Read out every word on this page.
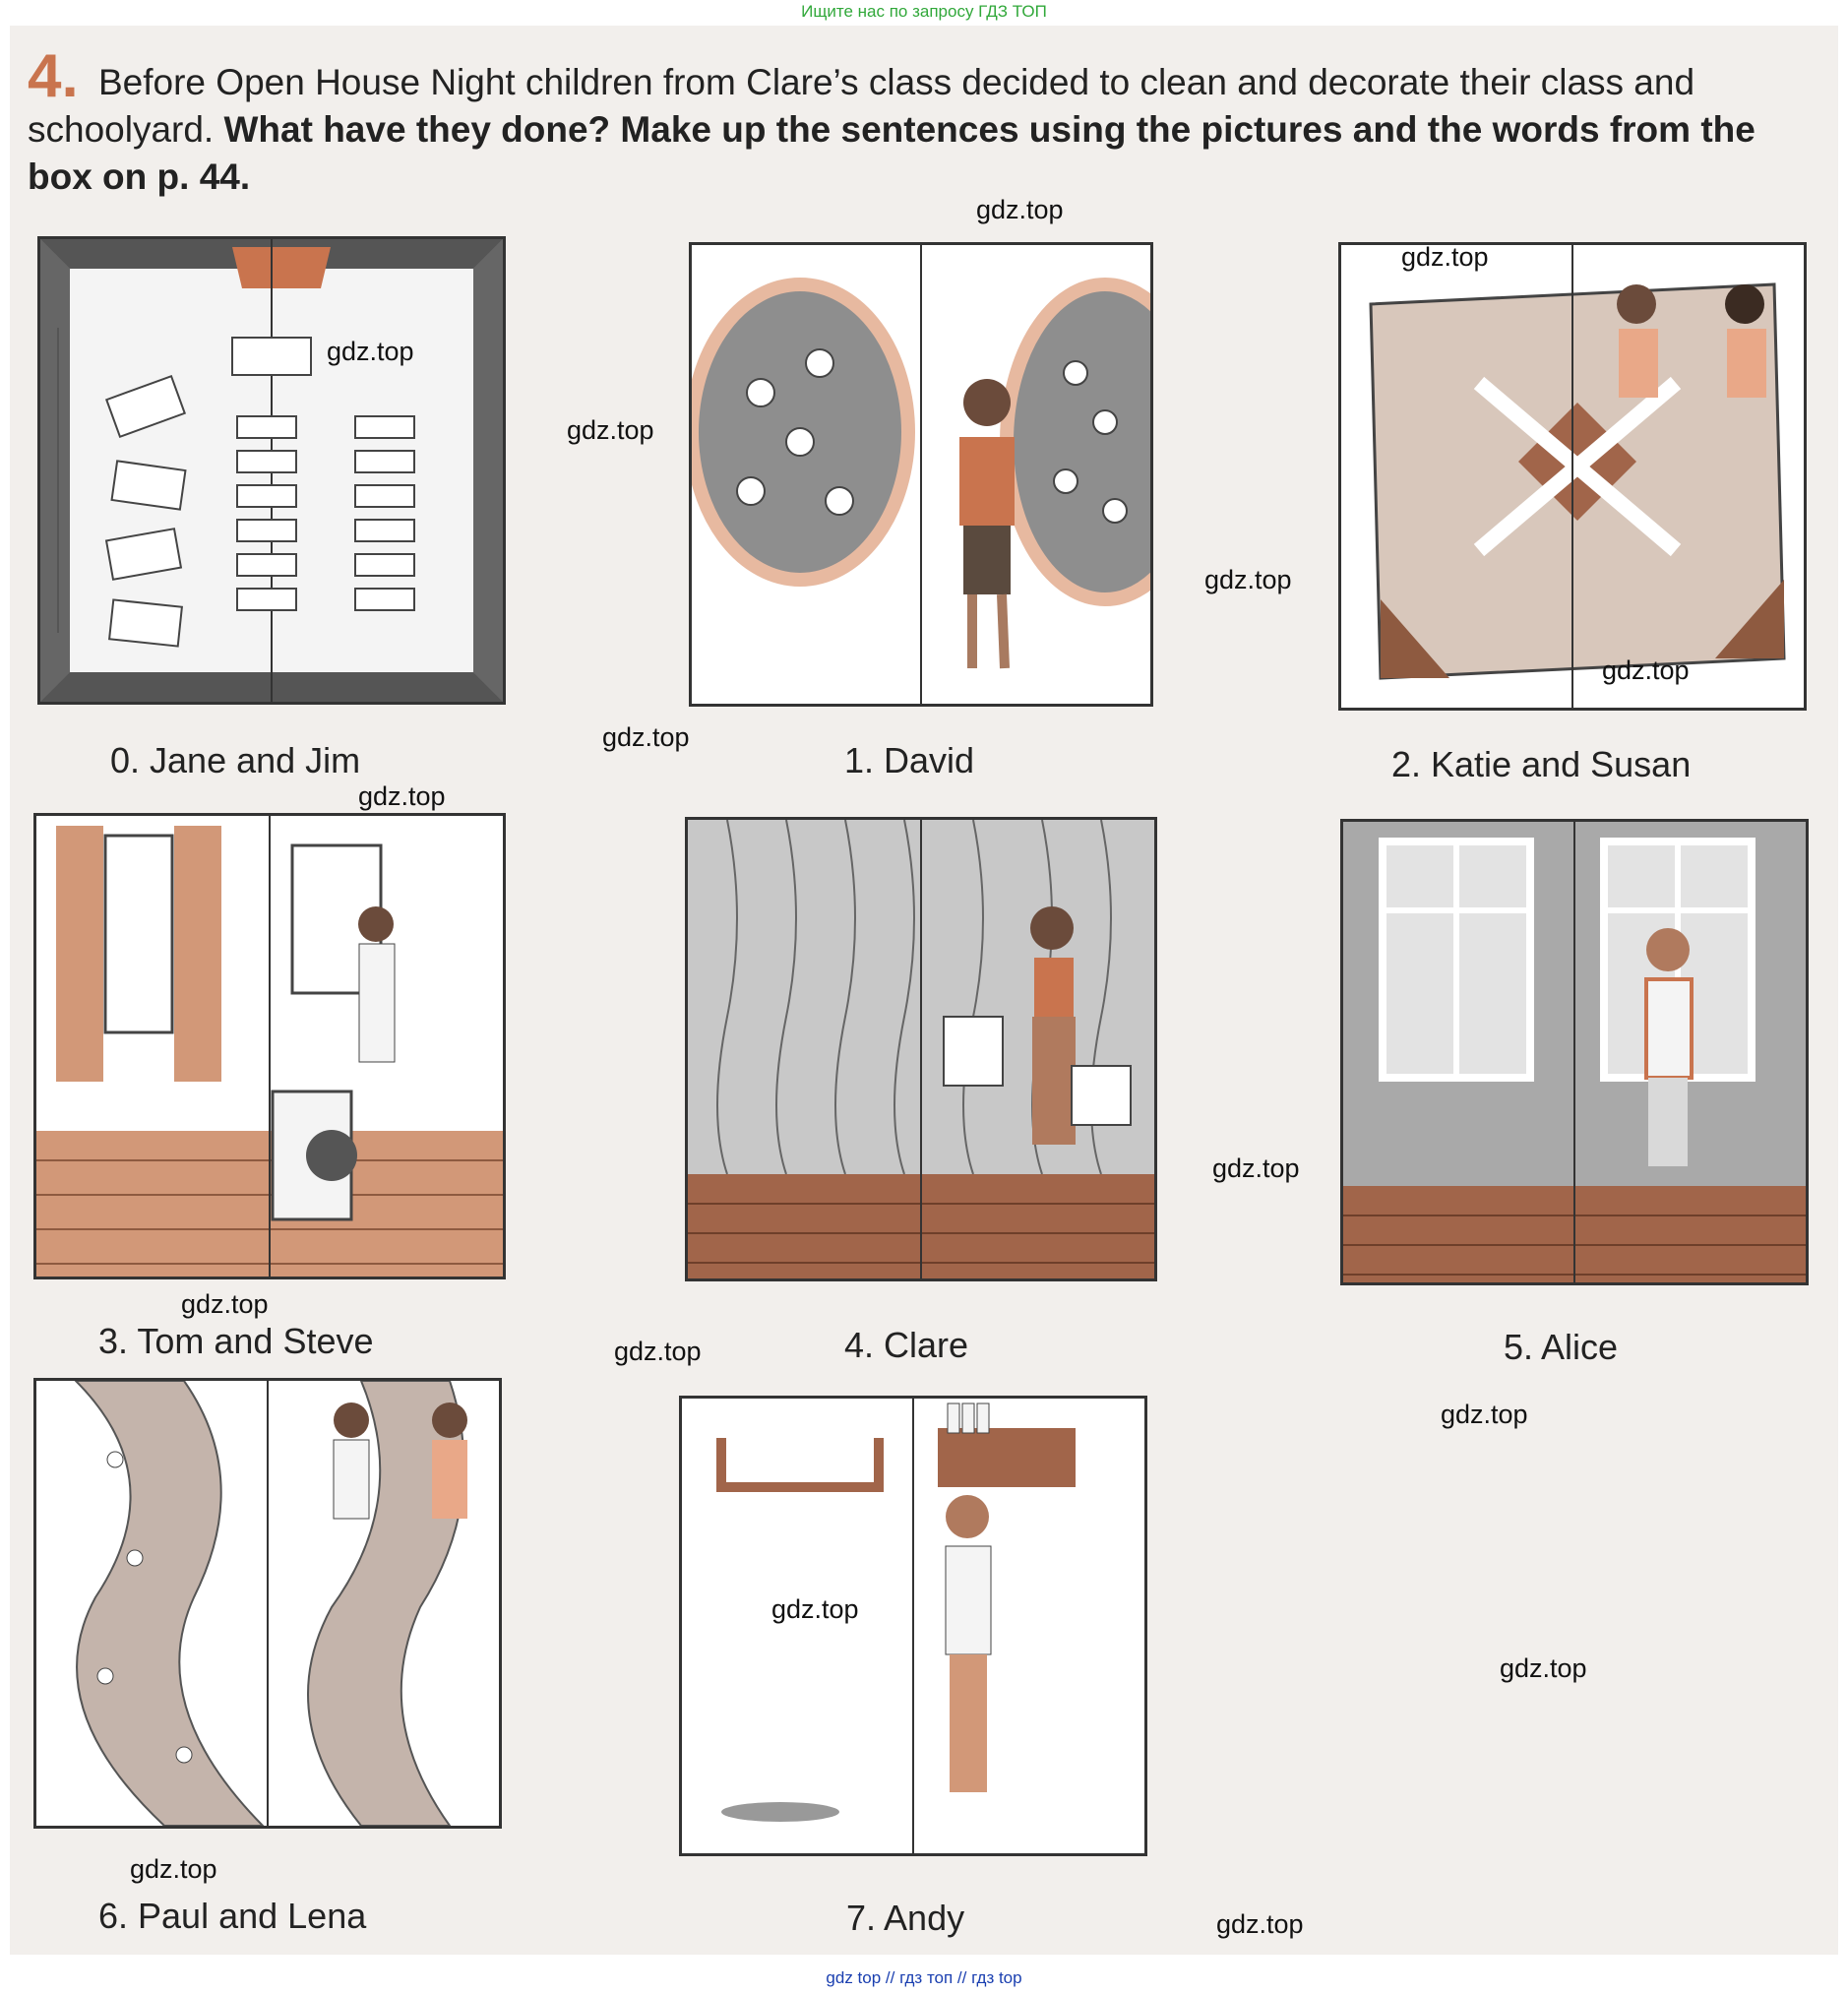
Ищите нас по запросу ГДЗ ТОП

4. Before Open House Night children from Clare’s class decided to clean and decorate their class and schoolyard. What have they done? Make up the sentences using the pictures and the words from the box on p. 44.
0. Jane and Jim	1. David	2. Katie and Susan
3. Tom and Steve	4. Clare	5. Alice
6. Paul and Lena	7. Andy
gdz.top
gdz.top
gdz.top
gdz.top
gdz.top
gdz.top
gdz.top
gdz.top
gdz.top
gdz.top
gdz.top
gdz.top
gdz.top
gdz.top
gdz.top
gdz.top
gdz top // гдз топ // гдз top
